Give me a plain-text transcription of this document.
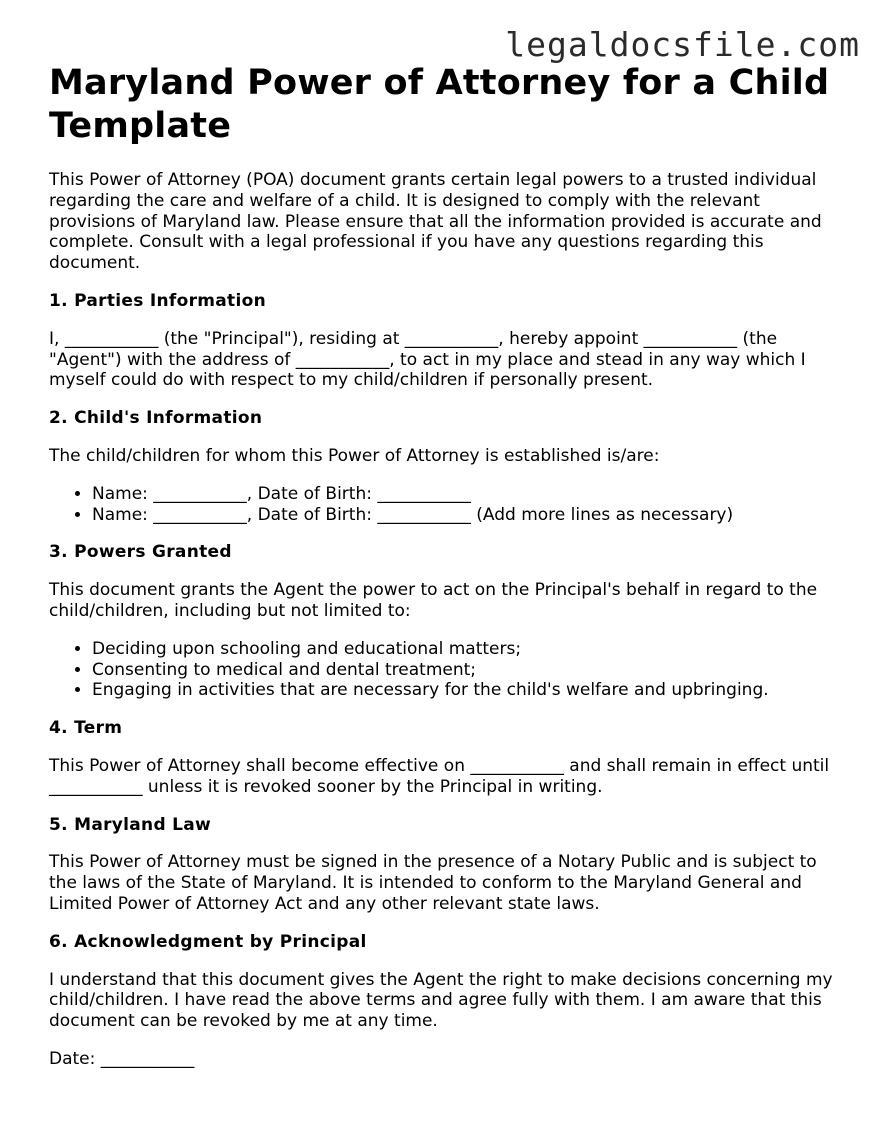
legaldocsfile.com
Maryland Power of Attorney for a Child Template

This Power of Attorney (POA) document grants certain legal powers to a trusted individual regarding the care and welfare of a child. It is designed to comply with the relevant provisions of Maryland law. Please ensure that all the information provided is accurate and complete. Consult with a legal professional if you have any questions regarding this document.

1. Parties Information

I, ___________ (the "Principal"), residing at ___________, hereby appoint ___________ (the "Agent") with the address of ___________, to act in my place and stead in any way which I myself could do with respect to my child/children if personally present.

2. Child's Information

The child/children for whom this Power of Attorney is established is/are:

• Name: ___________, Date of Birth: ___________
• Name: ___________, Date of Birth: ___________ (Add more lines as necessary)
3. Powers Granted

This document grants the Agent the power to act on the Principal's behalf in regard to the child/children, including but not limited to:

• Deciding upon schooling and educational matters;
• Consenting to medical and dental treatment;
• Engaging in activities that are necessary for the child's welfare and upbringing.
4. Term

This Power of Attorney shall become effective on ___________ and shall remain in effect until ___________ unless it is revoked sooner by the Principal in writing.

5. Maryland Law

This Power of Attorney must be signed in the presence of a Notary Public and is subject to the laws of the State of Maryland. It is intended to conform to the Maryland General and Limited Power of Attorney Act and any other relevant state laws.

6. Acknowledgment by Principal

I understand that this document gives the Agent the right to make decisions concerning my child/children. I have read the above terms and agree fully with them. I am aware that this document can be revoked by me at any time.

Date: ___________
